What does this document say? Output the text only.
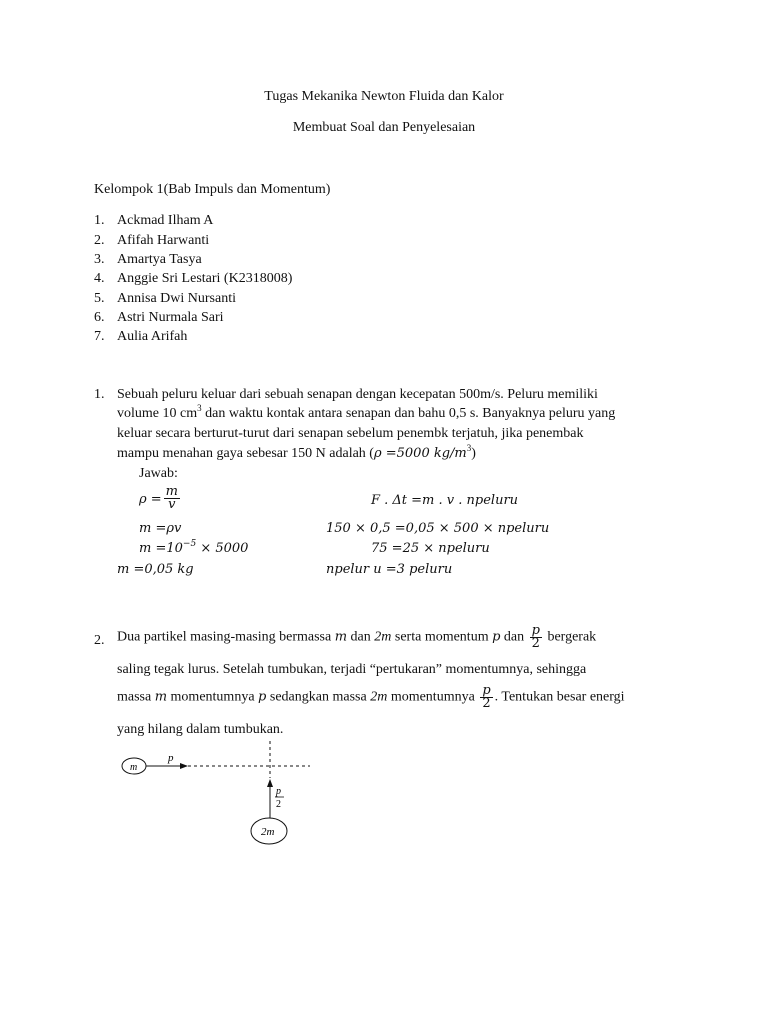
Tugas Mekanika Newton Fluida dan Kalor
Membuat Soal dan Penyelesaian
Kelompok 1(Bab Impuls dan Momentum)
1. Ackmad Ilham A
2. Afifah Harwanti
3. Amartya Tasya
4. Anggie Sri Lestari (K2318008)
5. Annisa Dwi Nursanti
6. Astri Nurmala Sari
7. Aulia Arifah
1. Sebuah peluru keluar dari sebuah senapan dengan kecepatan 500m/s. Peluru memiliki
volume 10 $cm^3$ dan waktu kontak antara senapan dan bahu 0,5 s. Banyaknya peluru yang
keluar secara berturut-turut dari senapan sebelum penembk terjatuh, jika penembak
mampu menahan gaya sebesar 150 N adalah (ρ =5000 $kg/m^3$)
Jawab:
$\rho = \frac{m}{v}$
m =ρv
$m =10^{-5} \times 5000$
m =0,05 kg
F . Δt =m . v . npeluru
150 × 0,5 =0,05 × 500 × npeluru
75 =25 × npeluru
npelur u =3 peluru
2. Dua partikel masing-masing bermassa m dan 2m serta momentum p dan $\frac{p}{2}$ bergerak
saling tegak lurus. Setelah tumbukan, terjadi “pertukaran” momentumnya, sehingga
massa m momentumnya p sedangkan massa 2m momentumnya $\frac{p}{2}$ . Tentukan besar energi
yang hilang dalam tumbukan.
m
p
p
2
2m
